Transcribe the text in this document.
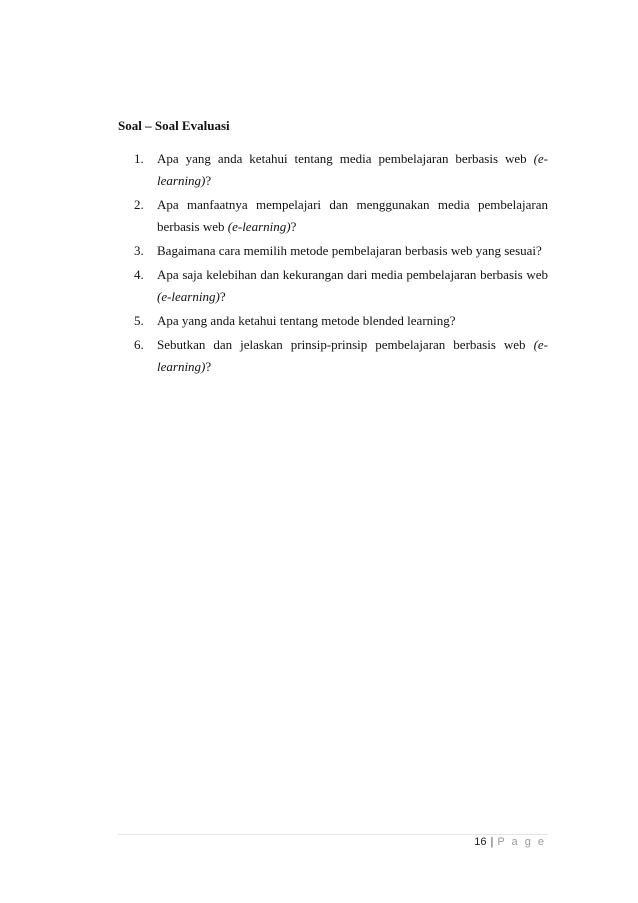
Soal – Soal Evaluasi
1. Apa yang anda ketahui tentang media pembelajaran berbasis web (e-learning)?
2. Apa manfaatnya mempelajari dan menggunakan media pembelajaran berbasis web (e-learning)?
3. Bagaimana cara memilih metode pembelajaran berbasis web yang sesuai?
4. Apa saja kelebihan dan kekurangan dari media pembelajaran berbasis web (e-learning)?
5. Apa yang anda ketahui tentang metode blended learning?
6. Sebutkan dan jelaskan prinsip-prinsip pembelajaran berbasis web (e-learning)?
16 | P a g e
